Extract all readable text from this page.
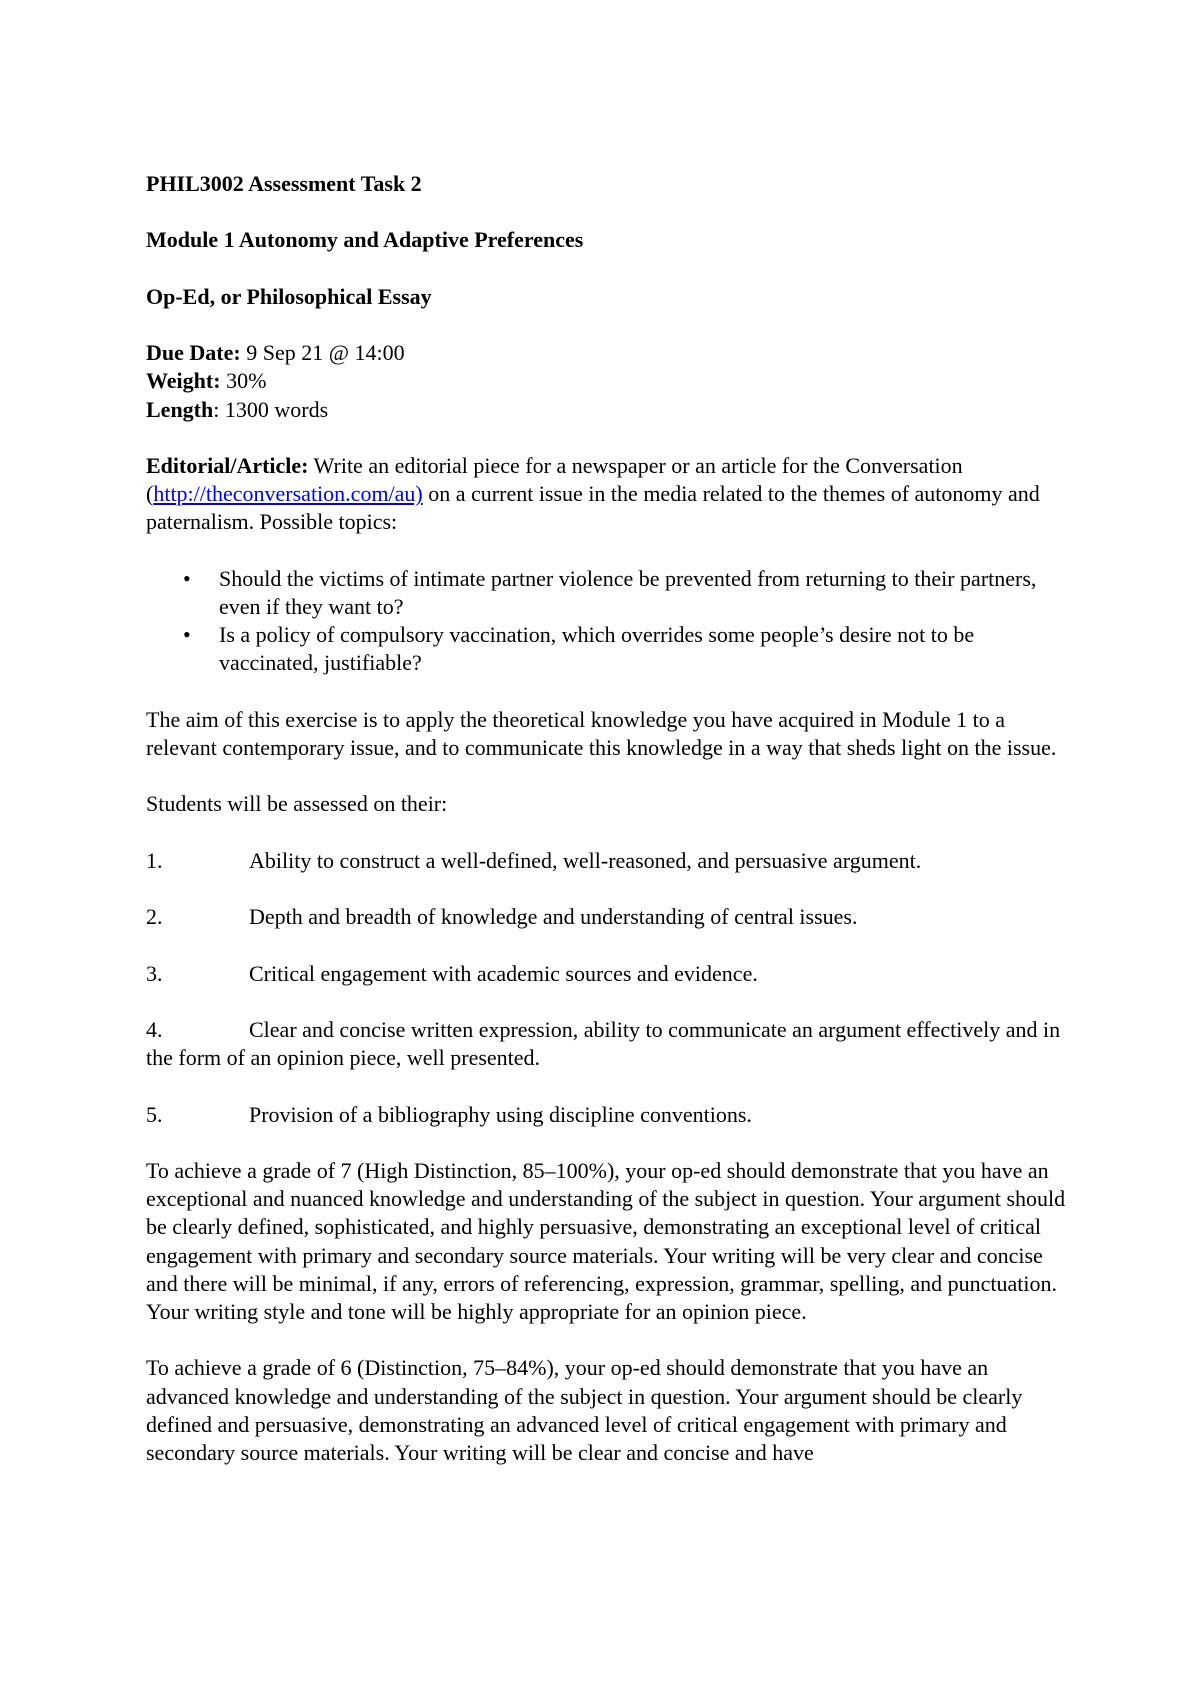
PHIL3002 Assessment Task 2
Module 1 Autonomy and Adaptive Preferences
Op-Ed, or Philosophical Essay
Due Date: 9 Sep 21 @ 14:00
Weight: 30%
Length: 1300 words
Editorial/Article: Write an editorial piece for a newspaper or an article for the Conversation (http://theconversation.com/au) on a current issue in the media related to the themes of autonomy and paternalism. Possible topics:
• Should the victims of intimate partner violence be prevented from returning to their partners, even if they want to?
• Is a policy of compulsory vaccination, which overrides some people’s desire not to be vaccinated, justifiable?
The aim of this exercise is to apply the theoretical knowledge you have acquired in Module 1 to a relevant contemporary issue, and to communicate this knowledge in a way that sheds light on the issue.
Students will be assessed on their:
1.	Ability to construct a well-defined, well-reasoned, and persuasive argument.
2.	Depth and breadth of knowledge and understanding of central issues.
3.	Critical engagement with academic sources and evidence.
4.	Clear and concise written expression, ability to communicate an argument effectively and in the form of an opinion piece, well presented.
5.	Provision of a bibliography using discipline conventions.
To achieve a grade of 7 (High Distinction, 85–100%), your op-ed should demonstrate that you have an exceptional and nuanced knowledge and understanding of the subject in question. Your argument should be clearly defined, sophisticated, and highly persuasive, demonstrating an exceptional level of critical engagement with primary and secondary source materials. Your writing will be very clear and concise and there will be minimal, if any, errors of referencing, expression, grammar, spelling, and punctuation. Your writing style and tone will be highly appropriate for an opinion piece.
To achieve a grade of 6 (Distinction, 75–84%), your op-ed should demonstrate that you have an advanced knowledge and understanding of the subject in question. Your argument should be clearly defined and persuasive, demonstrating an advanced level of critical engagement with primary and secondary source materials. Your writing will be clear and concise and have
